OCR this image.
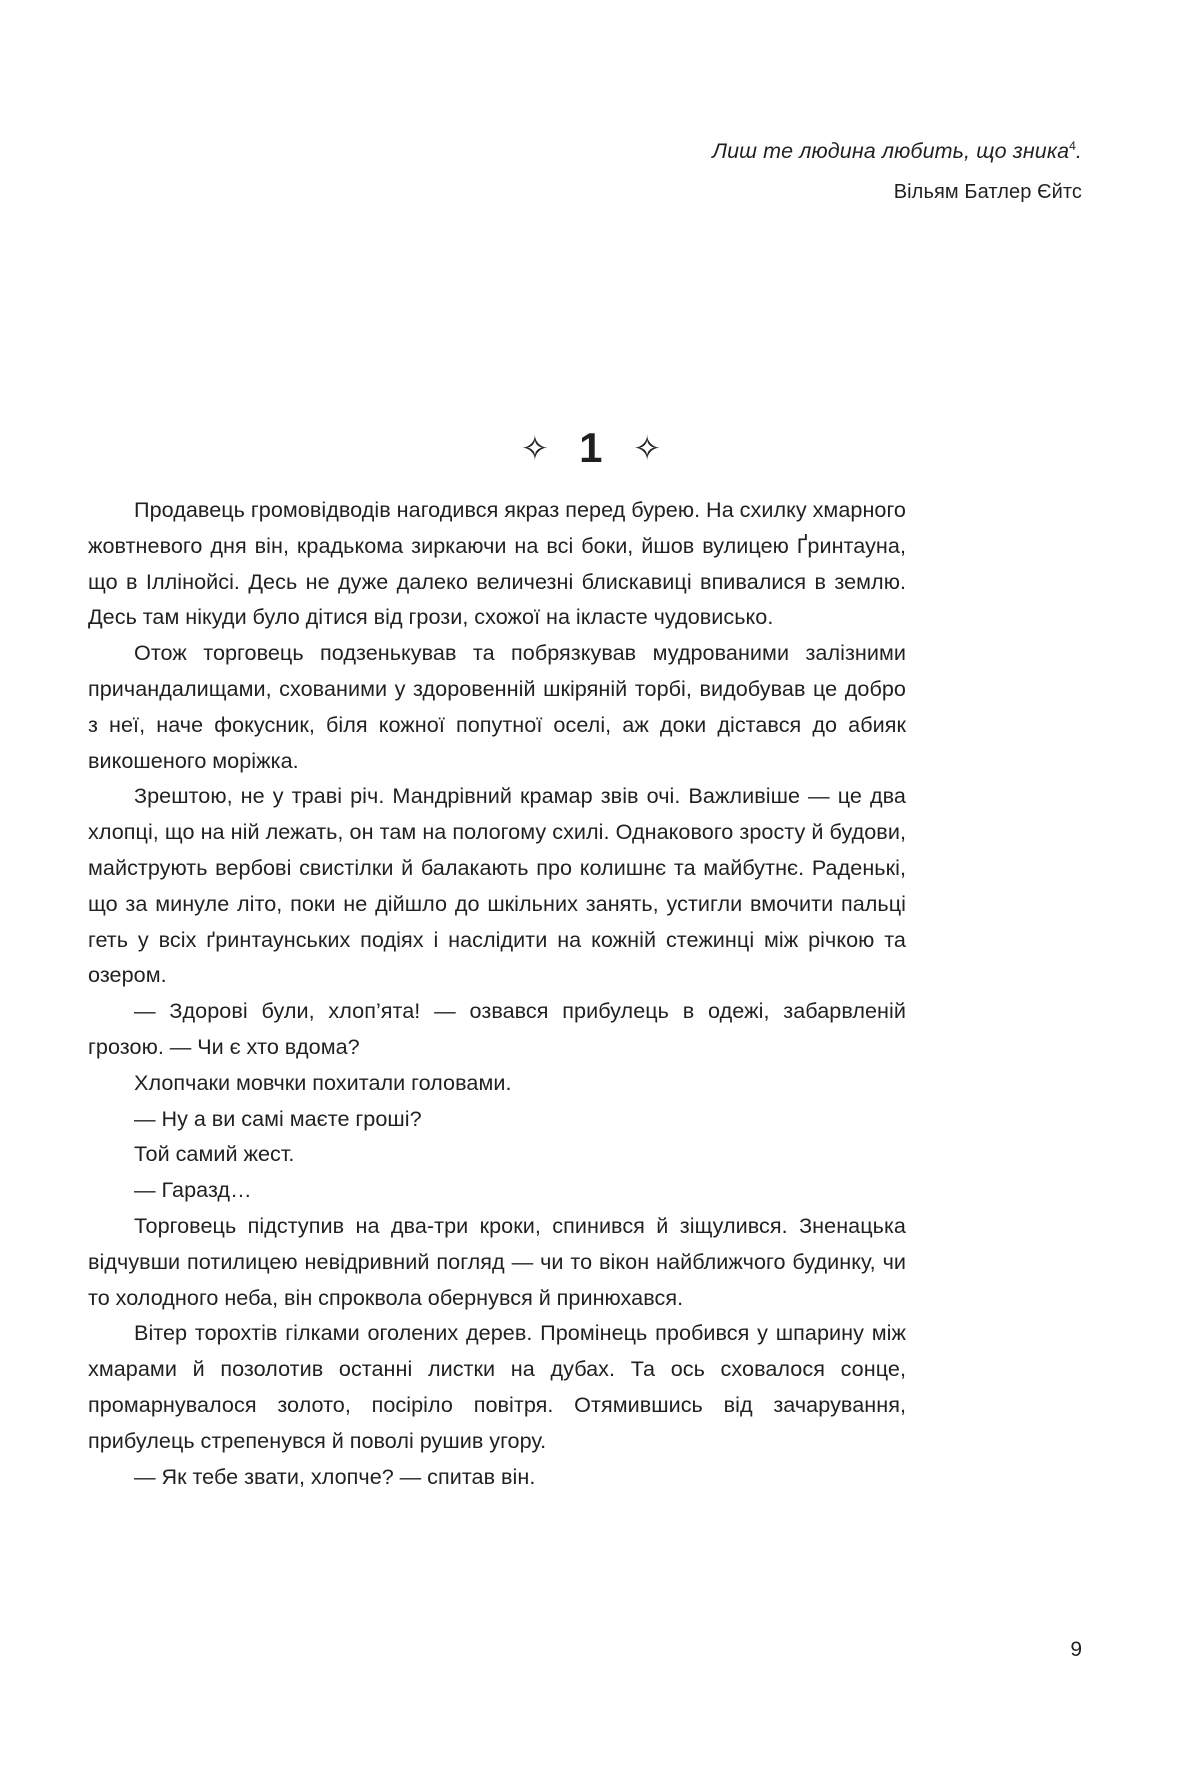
Лиш те людина любить, що зника$^4$.

Вільям Батлер Єйтс

✧ 1 ✧

Продавець громовідводів нагодився якраз перед бурею. На схилку хмарного жовтневого дня він, крадькома зиркаючи на всі боки, йшов вулицею Ґринтауна, що в Іллінойсі. Десь не дуже далеко величезні блискавиці впивалися в землю. Десь там нікуди було дітися від грози, схожої на ікласте чудовисько.

Отож торговець подзенькував та побрязкував мудрованими залізними причандалищами, схованими у здоровенній шкіряній торбі, видобував це добро з неї, наче фокусник, біля кожної попутної оселі, аж доки дістався до абияк викошеного моріжка.

Зрештою, не у траві річ. Мандрівний крамар звів очі. Важливіше — це два хлопці, що на ній лежать, он там на пологому схилі. Однакового зросту й будови, майструють вербові свистілки й балакають про колишнє та майбутнє. Раденькі, що за минуле літо, поки не дійшло до шкільних занять, устигли вмочити пальці геть у всіх ґринтаунських подіях і наслідити на кожній стежинці між річкою та озером.

— Здорові були, хлоп’ята! — озвався прибулець в одежі, забарвленій грозою. — Чи є хто вдома?

Хлопчаки мовчки похитали головами.

— Ну а ви самі маєте гроші?

Той самий жест.

— Гаразд…

Торговець підступив на два-три кроки, спинився й зіщулився. Зненацька відчувши потилицею невідривний погляд — чи то вікон найближчого будинку, чи то холодного неба, він спроквола обернувся й принюхався.

Вітер торохтів гілками оголених дерев. Промінець пробився у шпарину між хмарами й позолотив останні листки на дубах. Та ось сховалося сонце, промарнувалося золото, посіріло повітря. Отямившись від зачарування, прибулець стрепенувся й поволі рушив угору.

— Як тебе звати, хлопче? — спитав він.

9
